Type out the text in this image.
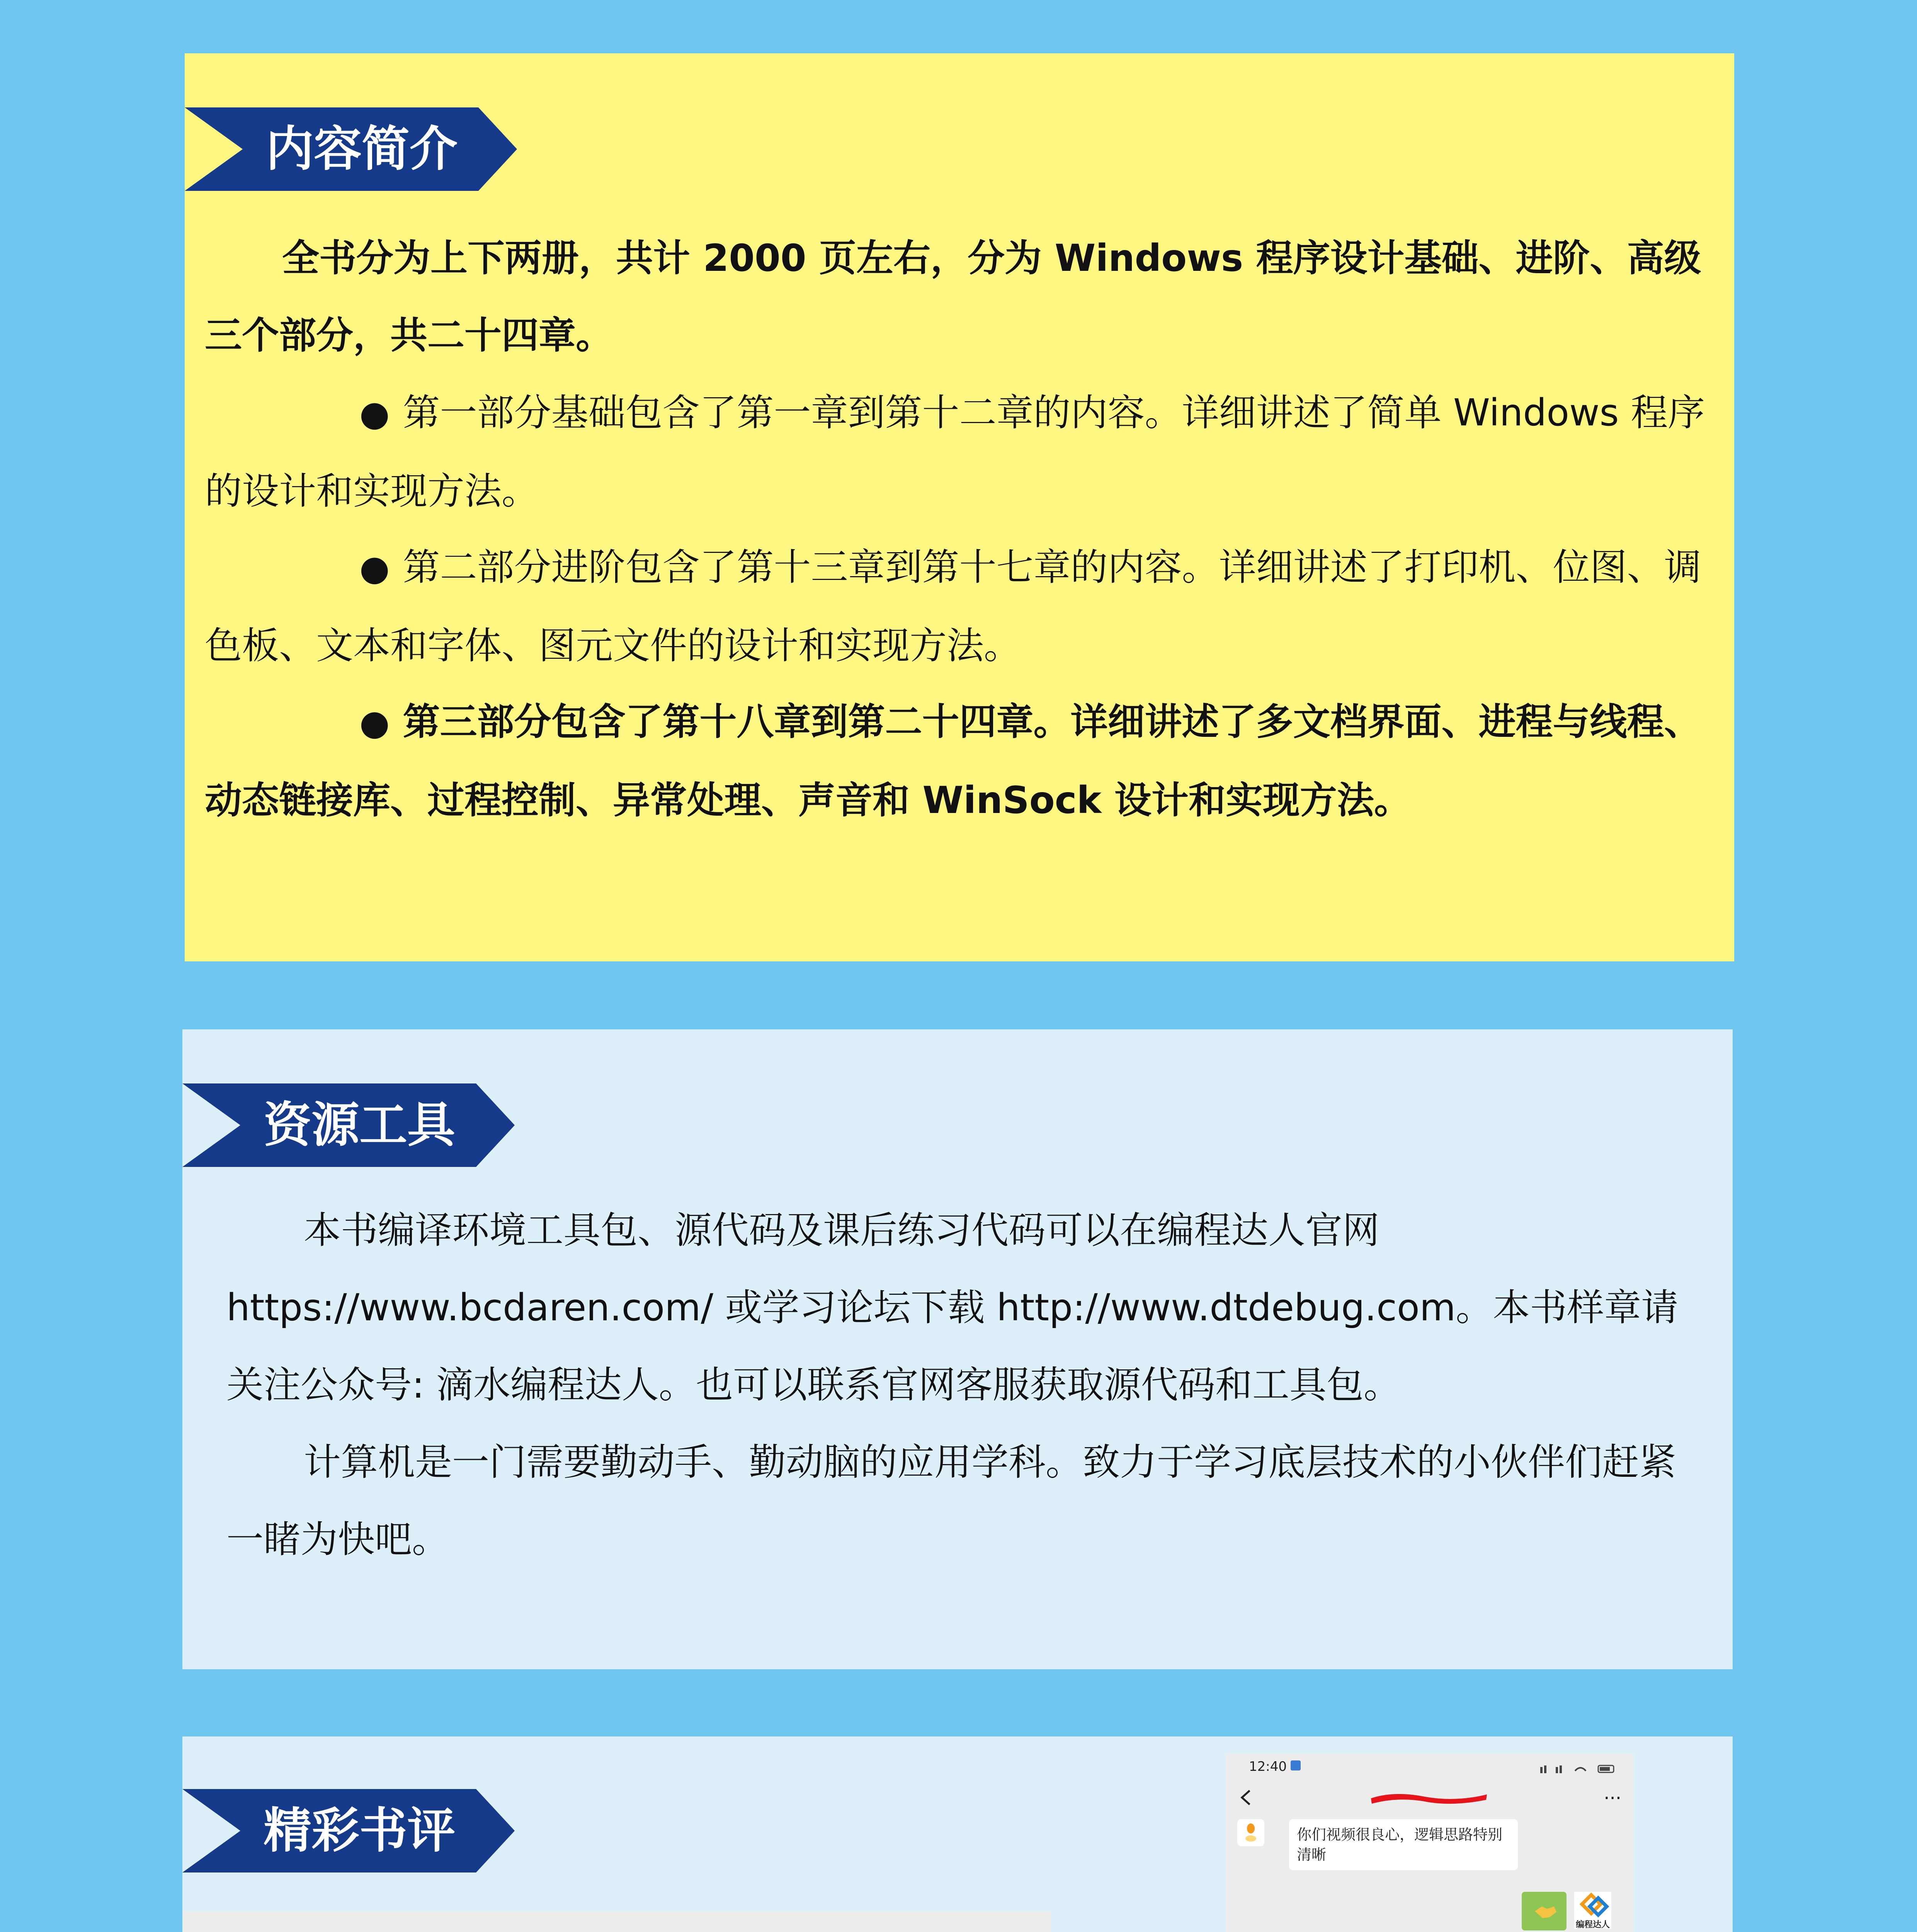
内容简介

全书分为上下两册，共计 2000 页左右，分为 Windows 程序设计基础、进阶、高级三个部分，共二十四章。

● 第一部分基础包含了第一章到第十二章的内容。详细讲述了简单 Windows 程序的设计和实现方法。
● 第二部分进阶包含了第十三章到第十七章的内容。详细讲述了打印机、位图、调色板、文本和字体、图元文件的设计和实现方法。
● 第三部分包含了第十八章到第二十四章。详细讲述了多文档界面、进程与线程、动态链接库、过程控制、异常处理、声音和 WinSock 设计和实现方法。
资源工具

本书编译环境工具包、源代码及课后练习代码可以在编程达人官网 https://www.bcdaren.com/ 或学习论坛下载 http://www.dtdebug.com。本书样章请关注公众号: 滴水编程达人。也可以联系官网客服获取源代码和工具包。

计算机是一门需要勤动手、勤动脑的应用学科。致力于学习底层技术的小伙伴们赶紧一睹为快吧。

精彩书评
12:40
···
你们视频很良心，逻辑思路特别清晰
编程达人
